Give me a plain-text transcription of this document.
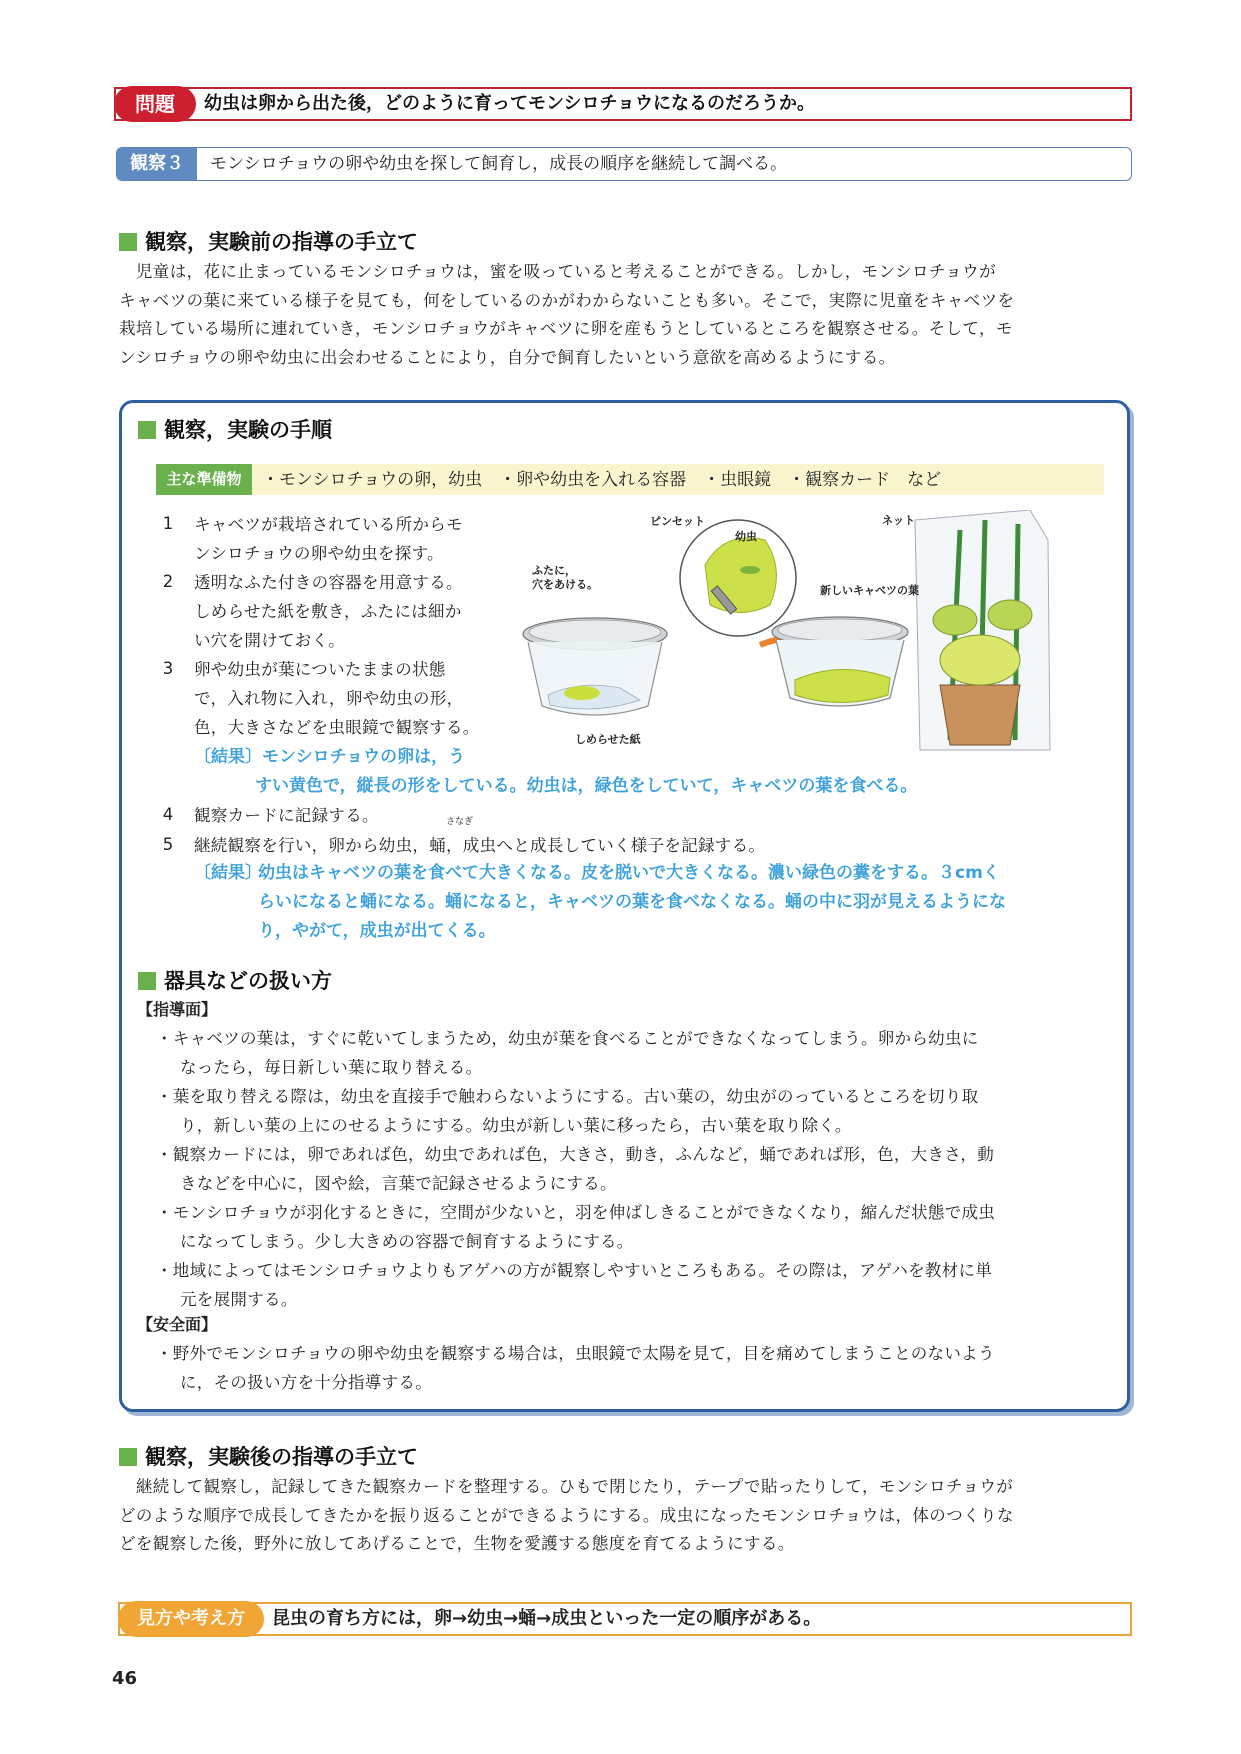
問題	幼虫は卵から出た後，どのように育ってモンシロチョウになるのだろうか。
観察３	モンシロチョウの卵や幼虫を探して飼育し，成長の順序を継続して調べる。
観察，実験前の指導の手立て
　児童は，花に止まっているモンシロチョウは，蜜を吸っていると考えることができる。しかし，モンシロチョウが
キャベツの葉に来ている様子を見ても，何をしているのかがわからないことも多い。そこで，実際に児童をキャベツを
栽培している場所に連れていき，モンシロチョウがキャベツに卵を産もうとしているところを観察させる。そして，モ
ンシロチョウの卵や幼虫に出会わせることにより，自分で飼育したいという意欲を高めるようにする。
観察，実験の手順
主な準備物	・モンシロチョウの卵，幼虫　・卵や幼虫を入れる容器　・虫眼鏡　・観察カード　など
1 キャベツが栽培されている所からモ
ンシロチョウの卵や幼虫を探す。
2 透明なふた付きの容器を用意する。
しめらせた紙を敷き，ふたには細か
い穴を開けておく。
3 卵や幼虫が葉についたままの状態
で，入れ物に入れ，卵や幼虫の形，
色，大きさなどを虫眼鏡で観察する。
〔結果〕モンシロチョウの卵は，う
すい黄色で，縦長の形をしている。幼虫は，緑色をしていて，キャベツの葉を食べる。
4 観察カードに記録する。
5
さなぎ
継続観察を行い，卵から幼虫，蛹，成虫へと成長していく様子を記録する。
〔結果〕
幼虫はキャベツの葉を食べて大きくなる。皮を脱いで大きくなる。濃い緑色の糞をする。３cmく
らいになると蛹になる。蛹になると，キャベツの葉を食べなくなる。蛹の中に羽が見えるようにな
り，やがて，成虫が出てくる。
ピンセット
幼虫
ネット
ふたに，
穴をあける。	新しいキャベツの葉
しめらせた紙
器具などの扱い方
【指導面】
・キャベツの葉は，すぐに乾いてしまうため，幼虫が葉を食べることができなくなってしまう。卵から幼虫に
なったら，毎日新しい葉に取り替える。
・葉を取り替える際は，幼虫を直接手で触わらないようにする。古い葉の，幼虫がのっているところを切り取
り，新しい葉の上にのせるようにする。幼虫が新しい葉に移ったら，古い葉を取り除く。
・観察カードには，卵であれば色，幼虫であれば色，大きさ，動き，ふんなど，蛹であれば形，色，大きさ，動
きなどを中心に，図や絵，言葉で記録させるようにする。
・モンシロチョウが羽化するときに，空間が少ないと，羽を伸ばしきることができなくなり，縮んだ状態で成虫
になってしまう。少し大きめの容器で飼育するようにする。
・地域によってはモンシロチョウよりもアゲハの方が観察しやすいところもある。その際は，アゲハを教材に単
元を展開する。
【安全面】
・野外でモンシロチョウの卵や幼虫を観察する場合は，虫眼鏡で太陽を見て，目を痛めてしまうことのないよう
に，その扱い方を十分指導する。
観察，実験後の指導の手立て
　継続して観察し，記録してきた観察カードを整理する。ひもで閉じたり，テープで貼ったりして，モンシロチョウが
どのような順序で成長してきたかを振り返ることができるようにする。成虫になったモンシロチョウは，体のつくりな
どを観察した後，野外に放してあげることで，生物を愛護する態度を育てるようにする。
見方や考え方	昆虫の育ち方には，卵→幼虫→蛹→成虫といった一定の順序がある。
46
